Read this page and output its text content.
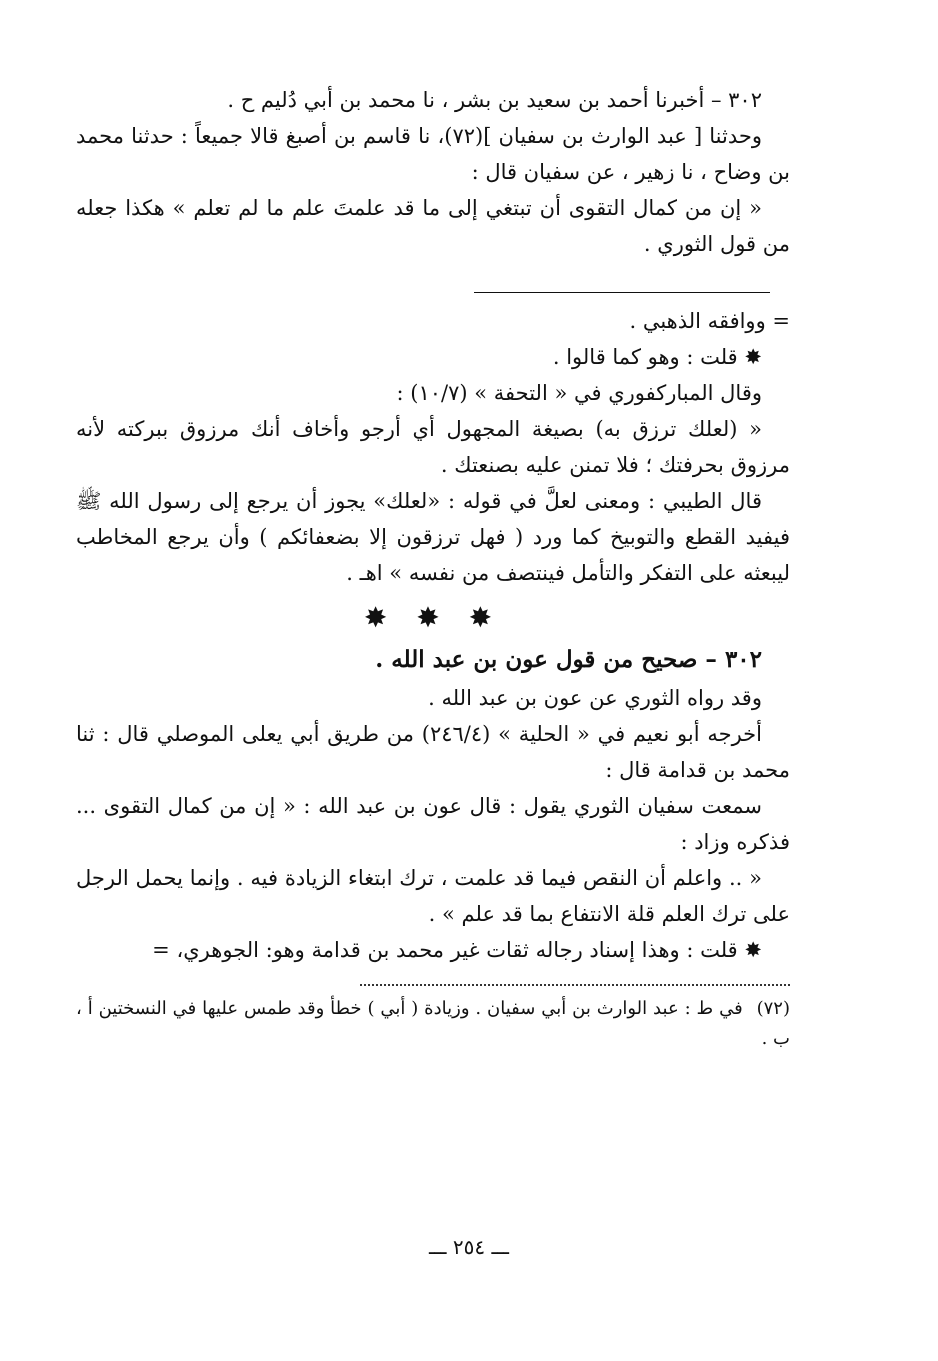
٣٠٢ – أخبرنا أحمد بن سعيد بن بشر ، نا محمد بن أبي دُليم ح .

وحدثنا [ عبد الوارث بن سفيان ](٧٢)، نا قاسم بن أصبغ قالا جميعاً : حدثنا محمد بن وضاح ، نا زهير ، عن سفيان قال :

« إن من كمال التقوى أن تبتغي إلى ما قد علمتَ علم ما لم تعلم » هكذا جعله من قول الثوري .

= ووافقه الذهبي .

✸ قلت : وهو كما قالوا .

وقال المباركفوري في « التحفة » (١٠/٧) :

« (لعلك ترزق به) بصيغة المجهول أي أرجو وأخاف أنك مرزوق ببركته لأنه مرزوق بحرفتك ؛ فلا تمنن عليه بصنعتك .

قال الطيبي : ومعنى لعلَّ في قوله : «لعلك» يجوز أن يرجع إلى رسول الله ﷺ فيفيد القطع والتوبيخ كما ورد ( فهل ترزقون إلا بضعفائكم ) وأن يرجع المخاطب ليبعثه على التفكر والتأمل فينتصف من نفسه » اهـ .

✸ ✸ ✸

٣٠٢ – صحيح من قول عون بن عبد الله .

وقد رواه الثوري عن عون بن عبد الله .

أخرجه أبو نعيم في « الحلية » (٢٤٦/٤) من طريق أبي يعلى الموصلي قال : ثنا محمد بن قدامة قال :

سمعت سفيان الثوري يقول : قال عون بن عبد الله : « إن من كمال التقوى ... فذكره وزاد :

« .. واعلم أن النقص فيما قد علمت ، ترك ابتغاء الزيادة فيه . وإنما يحمل الرجل على ترك العلم قلة الانتفاع بما قد علم » .

✸ قلت : وهذا إسناد رجاله ثقات غير محمد بن قدامة وهو: الجوهري، =

(٧٢) في ط : عبد الوارث بن أبي سفيان . وزيادة ( أبي ) خطأ وقد طمس عليها في النسختين أ ، ب .

ـــ ٢٥٤ ـــ
